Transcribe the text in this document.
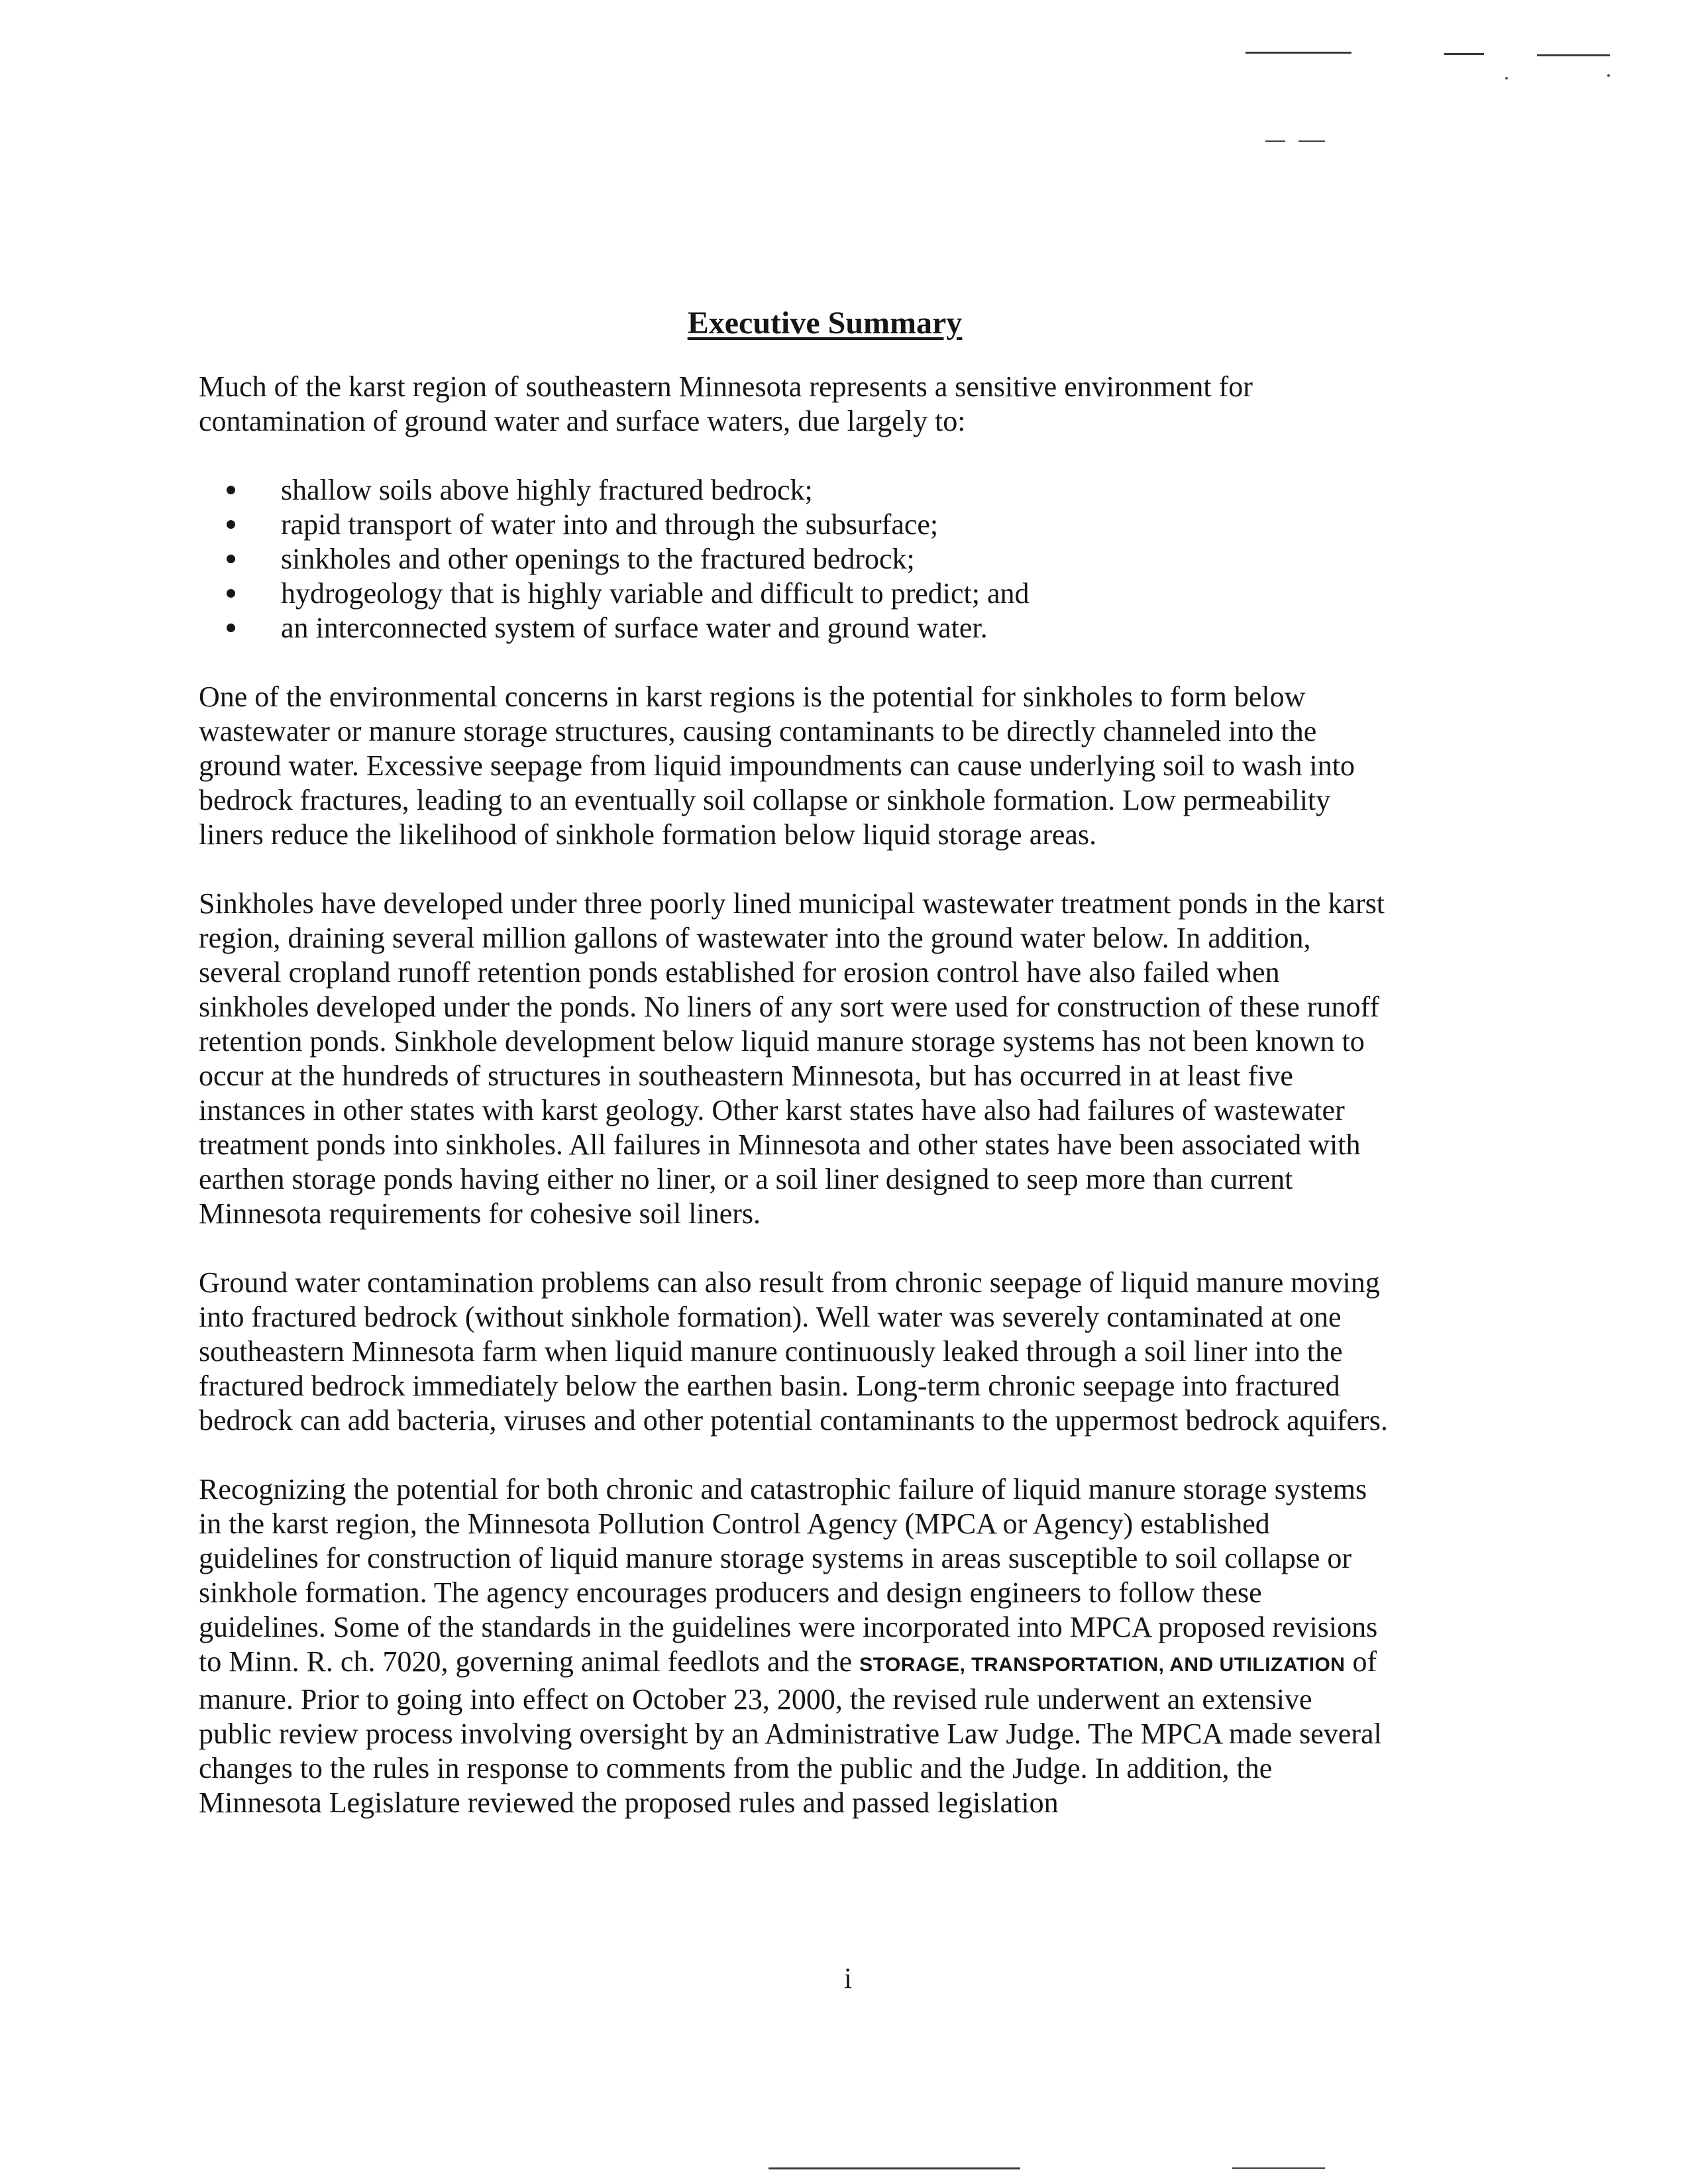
Executive Summary

Much of the karst region of southeastern Minnesota represents a sensitive environment for contamination of ground water and surface waters, due largely to:

shallow soils above highly fractured bedrock;
rapid transport of water into and through the subsurface;
sinkholes and other openings to the fractured bedrock;
hydrogeology that is highly variable and difficult to predict; and
an interconnected system of surface water and ground water.

One of the environmental concerns in karst regions is the potential for sinkholes to form below wastewater or manure storage structures, causing contaminants to be directly channeled into the ground water. Excessive seepage from liquid impoundments can cause underlying soil to wash into bedrock fractures, leading to an eventually soil collapse or sinkhole formation. Low permeability liners reduce the likelihood of sinkhole formation below liquid storage areas.

Sinkholes have developed under three poorly lined municipal wastewater treatment ponds in the karst region, draining several million gallons of wastewater into the ground water below. In addition, several cropland runoff retention ponds established for erosion control have also failed when sinkholes developed under the ponds. No liners of any sort were used for construction of these runoff retention ponds. Sinkhole development below liquid manure storage systems has not been known to occur at the hundreds of structures in southeastern Minnesota, but has occurred in at least five instances in other states with karst geology. Other karst states have also had failures of wastewater treatment ponds into sinkholes. All failures in Minnesota and other states have been associated with earthen storage ponds having either no liner, or a soil liner designed to seep more than current Minnesota requirements for cohesive soil liners.

Ground water contamination problems can also result from chronic seepage of liquid manure moving into fractured bedrock (without sinkhole formation). Well water was severely contaminated at one southeastern Minnesota farm when liquid manure continuously leaked through a soil liner into the fractured bedrock immediately below the earthen basin. Long-term chronic seepage into fractured bedrock can add bacteria, viruses and other potential contaminants to the uppermost bedrock aquifers.

Recognizing the potential for both chronic and catastrophic failure of liquid manure storage systems in the karst region, the Minnesota Pollution Control Agency (MPCA or Agency) established guidelines for construction of liquid manure storage systems in areas susceptible to soil collapse or sinkhole formation. The agency encourages producers and design engineers to follow these guidelines. Some of the standards in the guidelines were incorporated into MPCA proposed revisions to Minn. R. ch. 7020, governing animal feedlots and the STORAGE, TRANSPORTATION, AND UTILIZATION of manure. Prior to going into effect on October 23, 2000, the revised rule underwent an extensive public review process involving oversight by an Administrative Law Judge. The MPCA made several changes to the rules in response to comments from the public and the Judge. In addition, the Minnesota Legislature reviewed the proposed rules and passed legislation

i
